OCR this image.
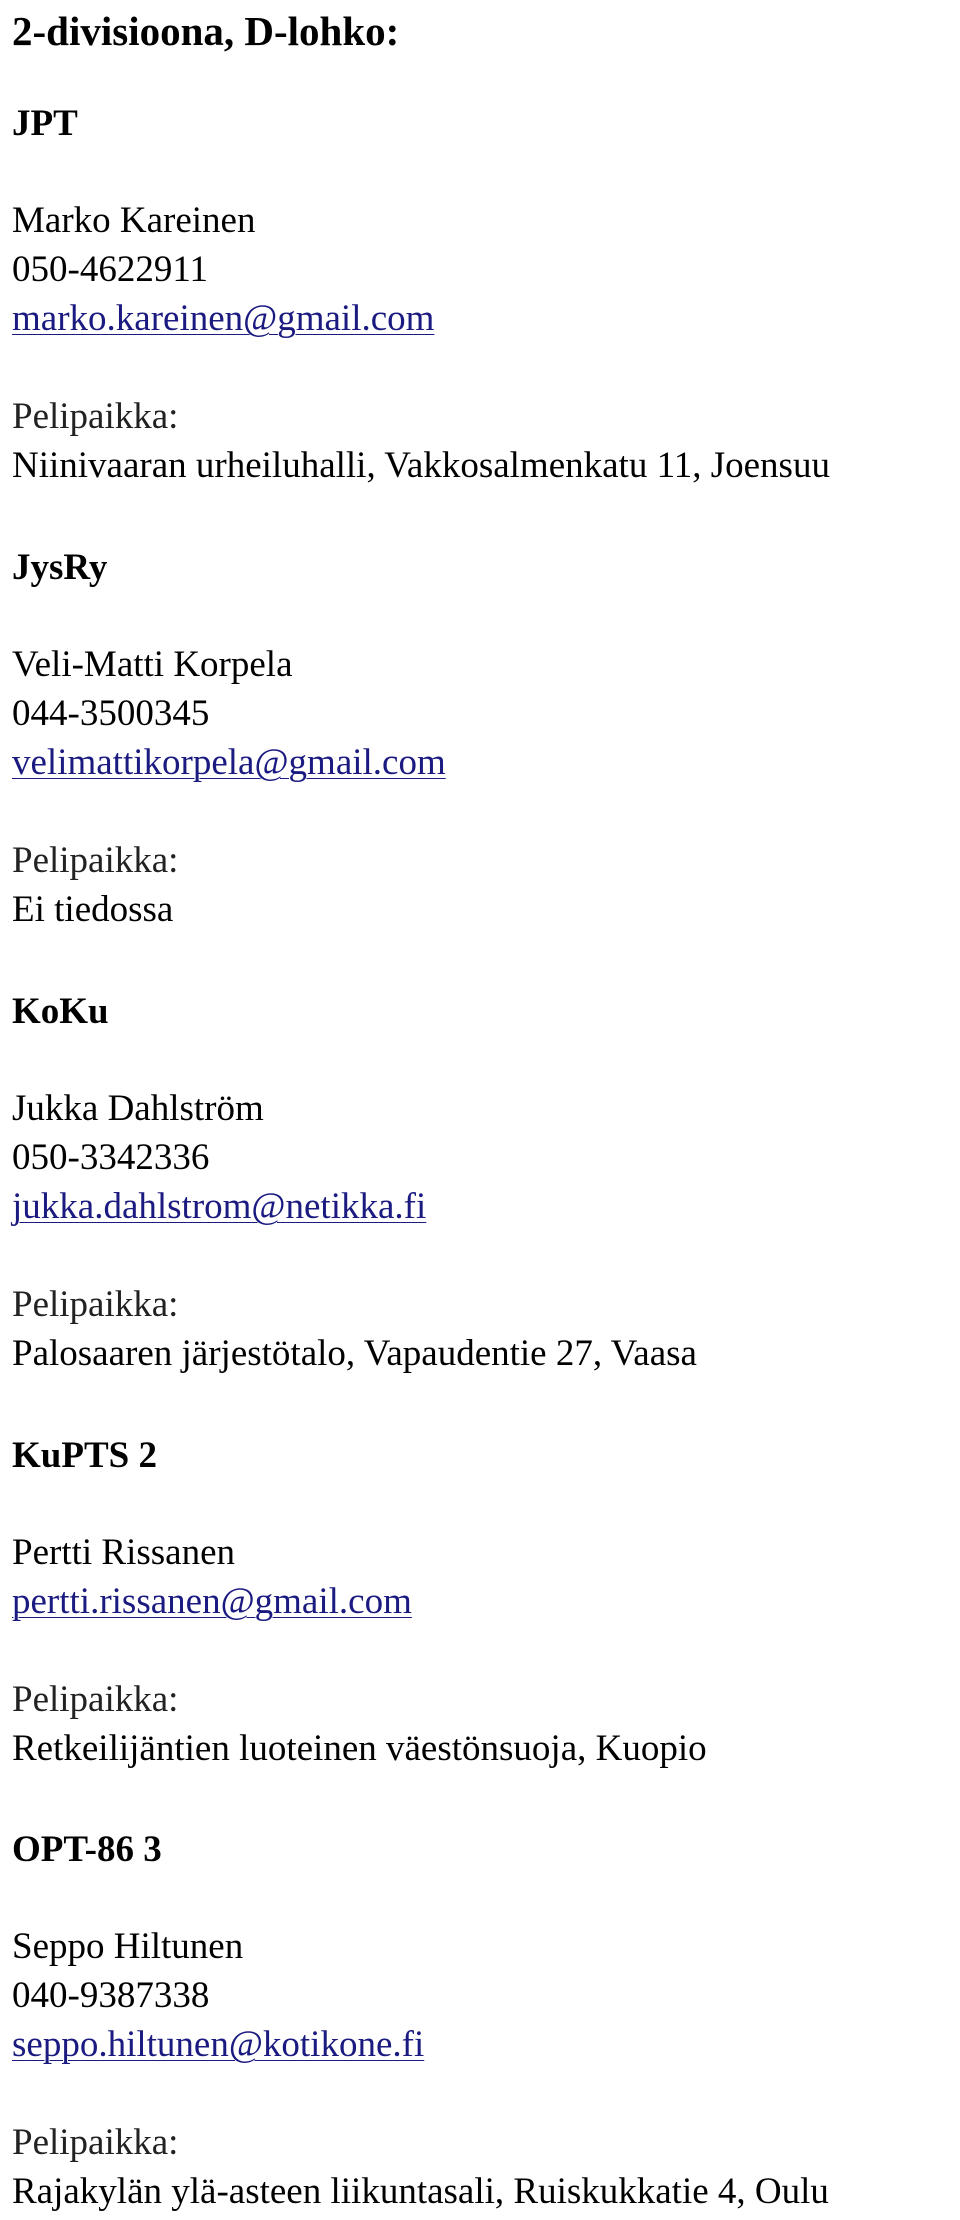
2-divisioona, D-lohko:
JPT

Marko Kareinen

050-4622911

marko.kareinen@gmail.com

Pelipaikka:

Niinivaaran urheiluhalli, Vakkosalmenkatu 11, Joensuu

JysRy

Veli-Matti Korpela

044-3500345

velimattikorpela@gmail.com

Pelipaikka:

Ei tiedossa

KoKu

Jukka Dahlström

050-3342336

jukka.dahlstrom@netikka.fi

Pelipaikka:

Palosaaren järjestötalo, Vapaudentie 27, Vaasa

KuPTS 2

Pertti Rissanen

pertti.rissanen@gmail.com

Pelipaikka:

Retkeilijäntien luoteinen väestönsuoja, Kuopio

OPT-86 3

Seppo Hiltunen

040-9387338

seppo.hiltunen@kotikone.fi

Pelipaikka:

Rajakylän ylä-asteen liikuntasali, Ruiskukkatie 4, Oulu
